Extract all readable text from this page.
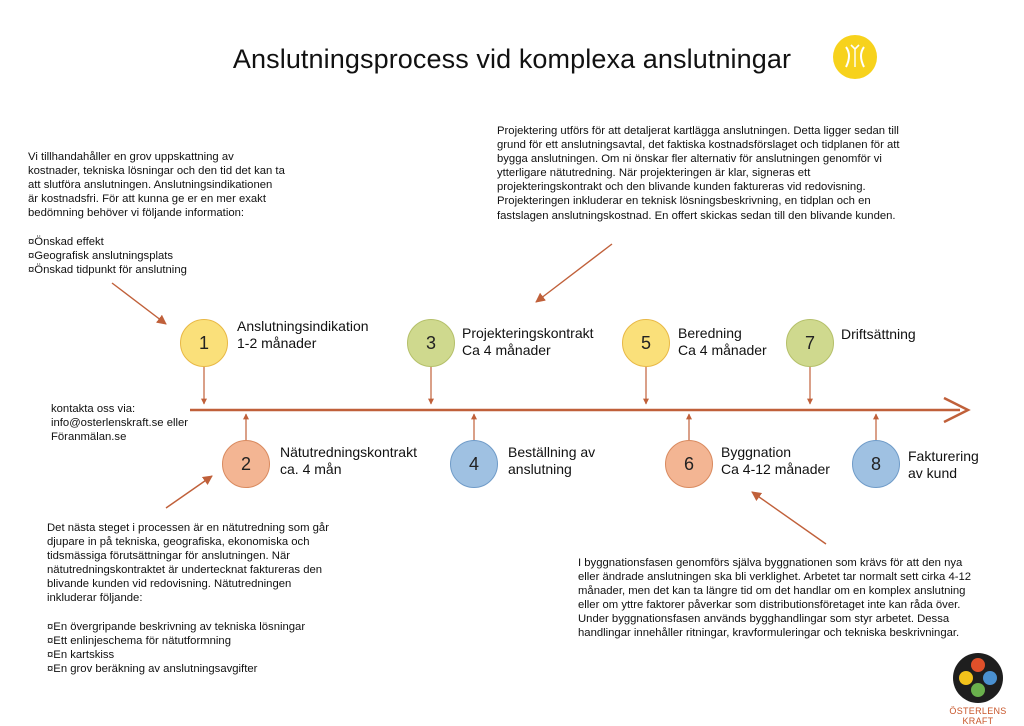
Anslutningsprocess vid komplexa anslutningar
Vi tillhandahåller en grov uppskattning av
kostnader, tekniska lösningar och den tid det kan ta
att slutföra anslutningen. Anslutningsindikationen
är kostnadsfri. För att kunna ge er en mer exakt
bedömning behöver vi följande information:

¤Önskad effekt
¤Geografisk anslutningsplats
¤Önskad tidpunkt för anslutning
Projektering utförs för att detaljerat kartlägga anslutningen. Detta ligger sedan till
grund för ett anslutningsavtal, det faktiska kostnadsförslaget och tidplanen för att
bygga anslutningen. Om ni önskar fler alternativ för anslutningen genomför vi
ytterligare nätutredning. När projekteringen är klar, signeras ett
projekteringskontrakt och den blivande kunden faktureras vid redovisning.
Projekteringen inkluderar en teknisk lösningsbeskrivning, en tidplan och en
fastslagen anslutningskostnad. En offert skickas sedan till den blivande kunden.
Det nästa steget i processen är en nätutredning som går
djupare in på tekniska, geografiska, ekonomiska och
tidsmässiga förutsättningar för anslutningen. När
nätutredningskontraktet är undertecknat faktureras den
blivande kunden vid redovisning. Nätutredningen
inkluderar följande:

¤En övergripande beskrivning av tekniska lösningar
¤Ett enlinjeschema för nätutformning
¤En kartskiss
¤En grov beräkning av anslutningsavgifter
I byggnationsfasen genomförs själva byggnationen som krävs för att den nya
eller ändrade anslutningen ska bli verklighet. Arbetet tar normalt sett cirka 4-12
månader, men det kan ta längre tid om det handlar om en komplex anslutning
eller om yttre faktorer påverkar som distributionsföretaget inte kan råda över.
Under byggnationsfasen används bygghandlingar som styr arbetet. Dessa
handlingar innehåller ritningar, kravformuleringar och tekniska beskrivningar.
kontakta oss via:
info@osterlenskraft.se eller
Föranmälan.se
1
2
3
4
5
6
7
8
Anslutningsindikation
1-2 månader
Nätutredningskontrakt
ca. 4 mån
Projekteringskontrakt
Ca 4 månader
Beställning av
anslutning
Beredning
Ca 4 månader
Byggnation
Ca 4-12 månader
Driftsättning
Fakturering
av kund
ÖSTERLENS KRAFT
